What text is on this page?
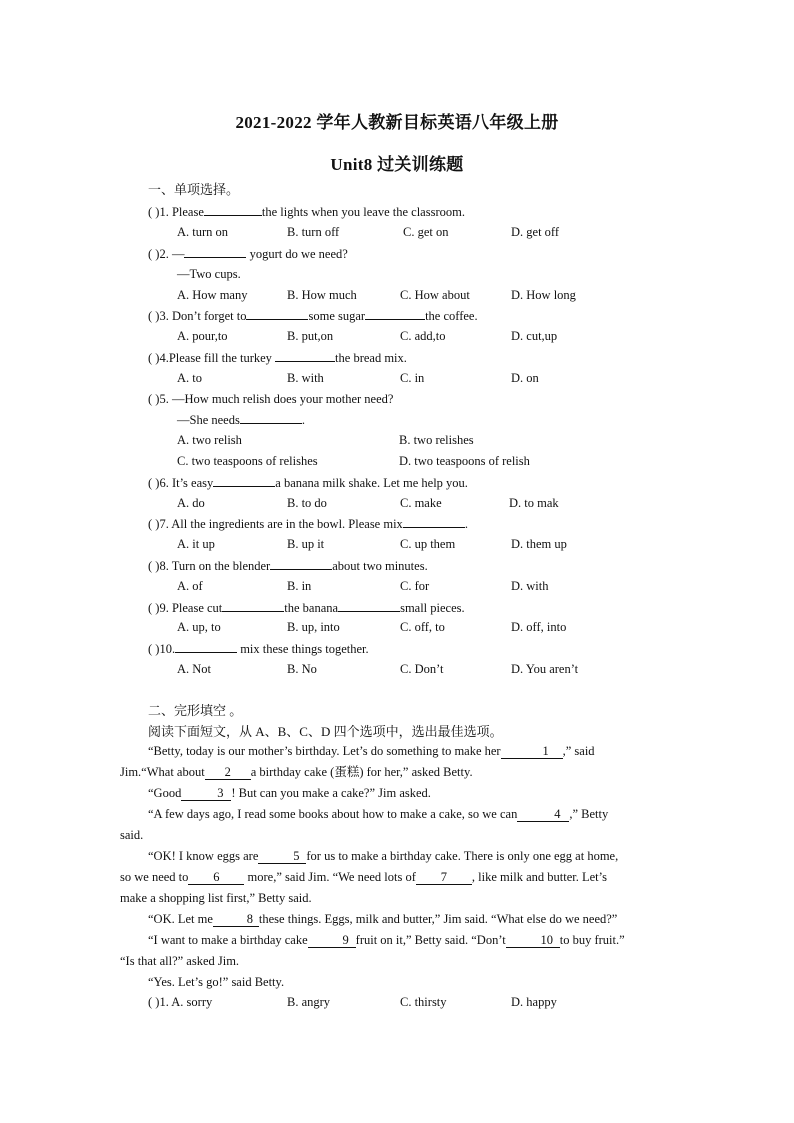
2021-2022 学年人教新目标英语八年级上册
Unit8 过关训练题
一、单项选择。
( )1. Please	the lights when you leave the classroom.
A. turn on	B. turn off	C. get on	D. get off
( )2. —	yogurt do we need?
—Two cups.
A. How many	B. How much	C. How about	D. How long
( )3. Don’t forget to	some sugar	the coffee.
A. pour,to	B. put,on	C. add,to	D. cut,up
( )4.Please fill the turkey	the bread mix.
A. to	B. with	C. in	D. on
( )5. —How much relish does your mother need?
—She needs	.
A. two relish	B. two relishes
C. two teaspoons of relishes	D. two teaspoons of relish
( )6. It’s easy	a banana milk shake. Let me help you.
A. do	B. to do	C. make	D. to mak
( )7. All the ingredients are in the bowl. Please mix	.
A. it up	B. up it	C. up them	D. them up
( )8. Turn on the blender	about two minutes.
A. of	B. in	C. for	D. with
( )9. Please cut	the banana	small pieces.
A. up, to	B. up, into	C. off, to	D. off, into
( )10.	mix these things together.
A. Not	B. No	C. Don’t	D. You aren’t
二、完形填空 。
阅读下面短文，从 A、B、C、D 四个选项中，选出最佳选项。
“Betty, today is our mother’s birthday. Let’s do something to make her	1 ,” said
Jim.“What about 2 a birthday cake (蛋糕) for her,” asked Betty.
“Good	3 ! But can you make a cake?” Jim asked.
“A few days ago, I read some books about how to make a cake, so we can	4 ,” Betty
said.
“OK! I know eggs are	5 for us to make a birthday cake. There is only one egg at home,
so we need to 6 more,” said Jim. “We need lots of 7 , like milk and butter. Let’s
make a shopping list first,” Betty said.
“OK. Let me	8 these things. Eggs, milk and butter,” Jim said. “What else do we need?”
“I want to make a birthday cake	9 fruit on it,” Betty said. “Don’t	10 to buy fruit.”
“Is that all?” asked Jim.
“Yes. Let’s go!” said Betty.
( )1. A. sorry	B. angry	C. thirsty	D. happy
